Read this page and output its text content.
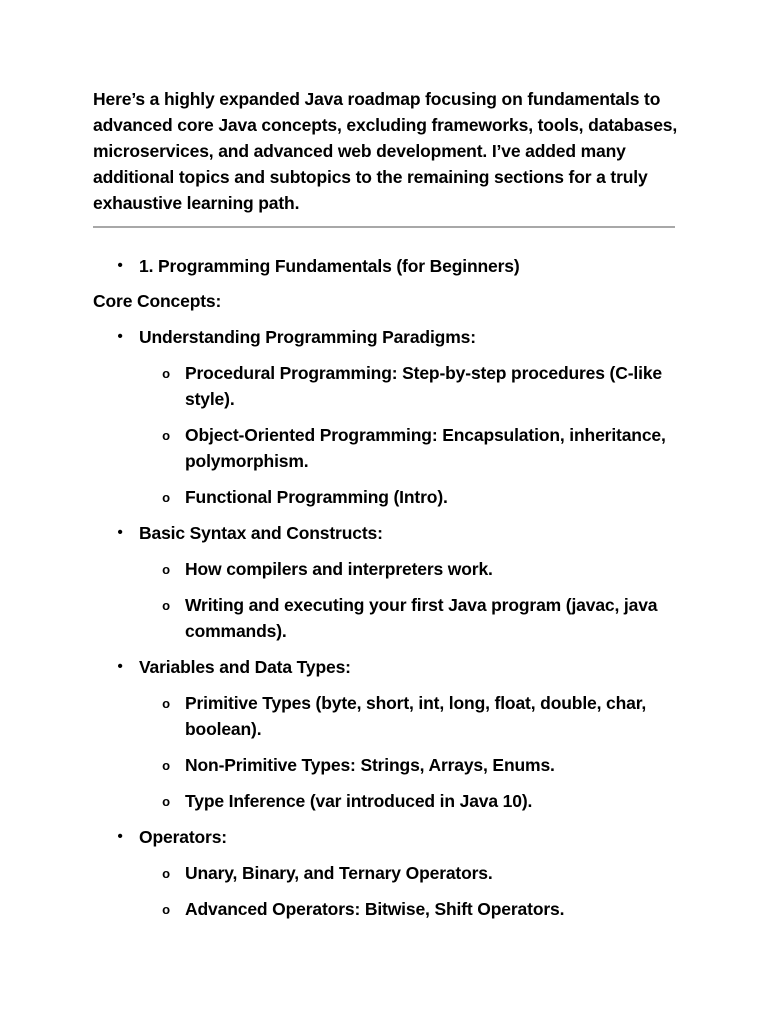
Here’s a highly expanded Java roadmap focusing on fundamentals to advanced core Java concepts, excluding frameworks, tools, databases, microservices, and advanced web development. I’ve added many additional topics and subtopics to the remaining sections for a truly exhaustive learning path.

• 1. Programming Fundamentals (for Beginners)

Core Concepts:

• Understanding Programming Paradigms:
o Procedural Programming: Step-by-step procedures (C-like style).
o Object-Oriented Programming: Encapsulation, inheritance, polymorphism.
o Functional Programming (Intro).
• Basic Syntax and Constructs:
o How compilers and interpreters work.
o Writing and executing your first Java program (javac, java commands).
• Variables and Data Types:
o Primitive Types (byte, short, int, long, float, double, char, boolean).
o Non-Primitive Types: Strings, Arrays, Enums.
o Type Inference (var introduced in Java 10).
• Operators:
o Unary, Binary, and Ternary Operators.
o Advanced Operators: Bitwise, Shift Operators.
